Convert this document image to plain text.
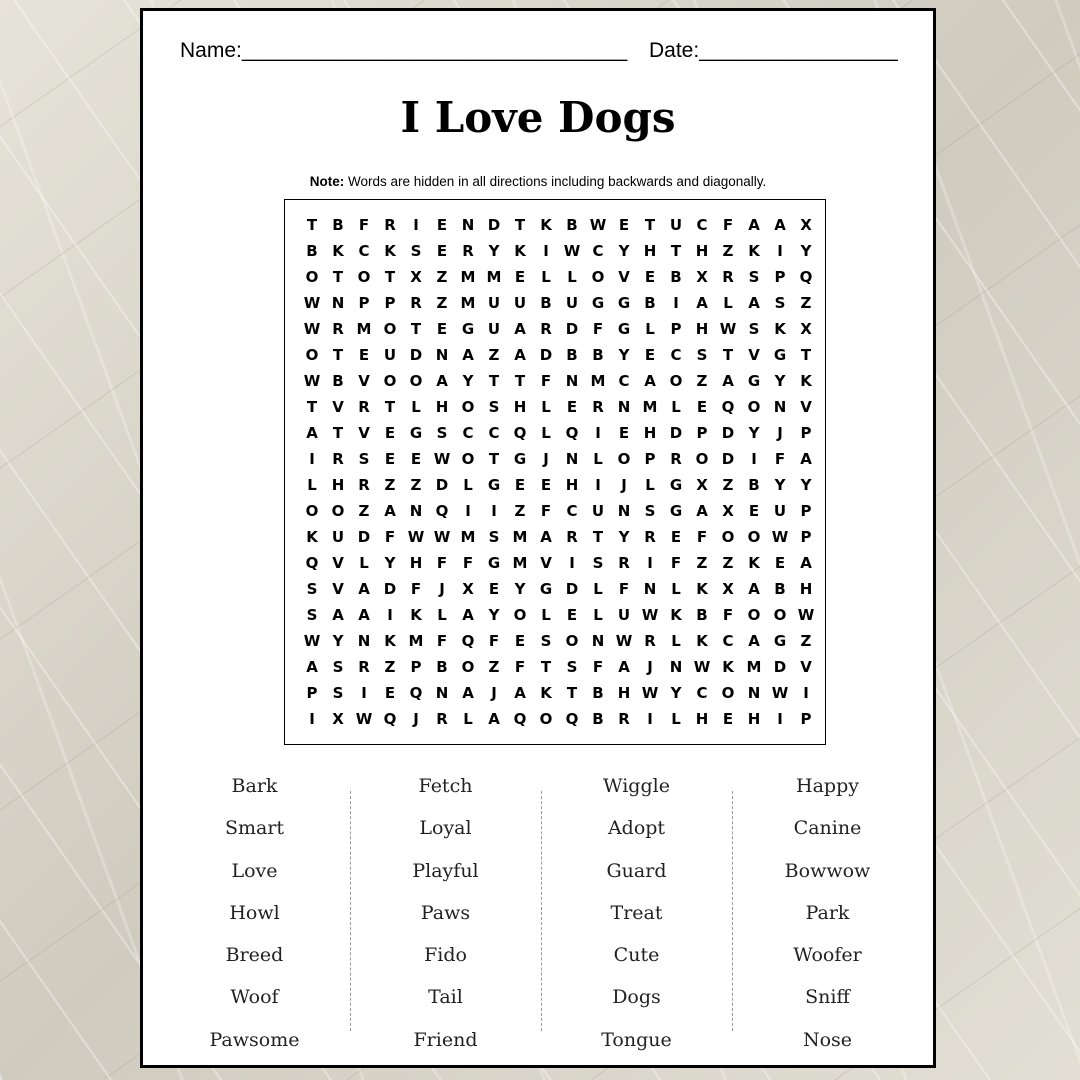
Name:_________________________________ Date:_________________
I Love Dogs
Note: Words are hidden in all directions including backwards and diagonally.
T	B	F	R	I	E N D T	K B W E	T U C	F	A A X
B K C K S	E	R Y K	I W C	Y H T H Z K	I	Y
O T O T	X Z M M E	L	L O V	E	B X R S	P Q
W N P	P R Z M U U B U G G B	I	A	L	A S	Z
W R M O T	E G U A R D F G	L	P H W S K X
O T	E U D N A Z A D B B Y	E	C	S	T	V G T
W B V O O A Y	T	T	F N M C A O Z A G Y K
T	V R	T	L H O S H L	E	R N M L	E Q O N V
A	T	V	E G S	C C Q L Q	I	E H D P D Y	J	P
I	R S	E	E W O T G	J	N L O P R O D	I	F	A
L H R Z	Z D	L	G E	E H	I	J	L	G X Z B Y	Y
O O Z A N Q	I	I	Z	F	C U N S G A X	E U P
K U D F W W M S M A R	T	Y R	E	F O O W P
Q V	L	Y H F	F G M V	I	S R	I	F	Z	Z K	E	A
S V A D F	J	X	E	Y G D	L	F N L	K X A B H
S A A	I	K	L	A Y O L	E	L	U W K B	F O O W
W Y N K M F Q F	E	S O N W R	L	K C A G Z
A S R Z	P B O Z	F	T	S	F	A	J	N W K M D V
P	S	I	E Q N A	J	A K	T	B H W Y	C O N W I
I	X W Q	J	R	L	A Q O Q B R	I	L H E H	I	P
Bark
Smart
Love
Howl
Breed
Woof
Pawsome
Fetch
Loyal
Playful
Paws
Fido
Tail
Friend
Wiggle
Adopt
Guard
Treat
Cute
Dogs
Tongue
Happy
Canine
Bowwow
Park
Woofer
Sniff
Nose
